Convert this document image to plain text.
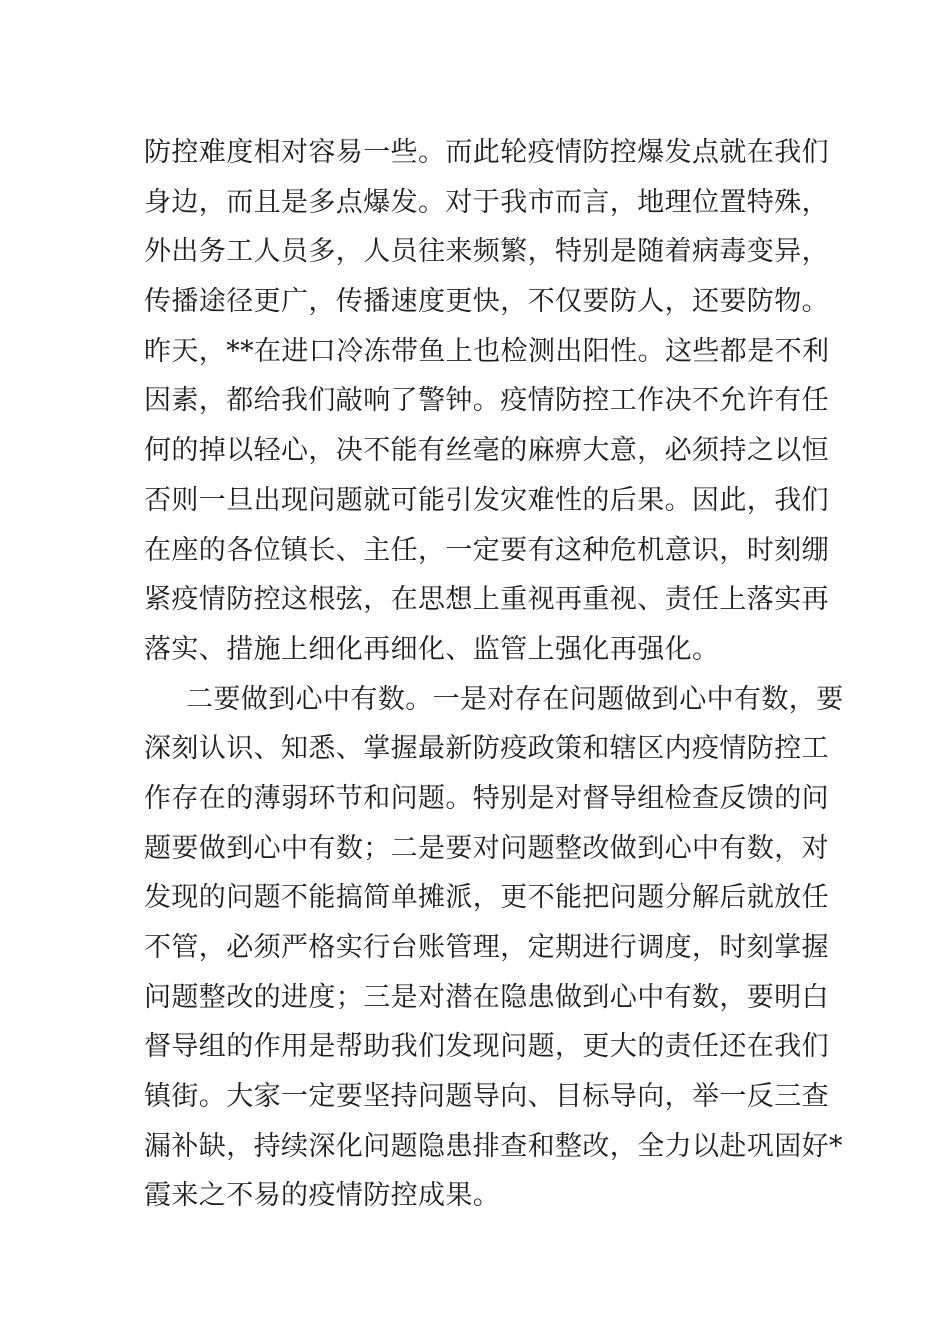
防控难度相对容易一些。而此轮疫情防控爆发点就在我们
身边，而且是多点爆发。对于我市而言，地理位置特殊，
外出务工人员多，人员往来频繁，特别是随着病毒变异，
传播途径更广，传播速度更快，不仅要防人，还要防物。
昨天，**在进口冷冻带鱼上也检测出阳性。这些都是不利
因素，都给我们敲响了警钟。疫情防控工作决不允许有任
何的掉以轻心，决不能有丝毫的麻痹大意，必须持之以恒
否则一旦出现问题就可能引发灾难性的后果。因此，我们
在座的各位镇长、主任，一定要有这种危机意识，时刻绷
紧疫情防控这根弦，在思想上重视再重视、责任上落实再
落实、措施上细化再细化、监管上强化再强化。
二要做到心中有数。一是对存在问题做到心中有数，要
深刻认识、知悉、掌握最新防疫政策和辖区内疫情防控工
作存在的薄弱环节和问题。特别是对督导组检查反馈的问
题要做到心中有数；二是要对问题整改做到心中有数，对
发现的问题不能搞简单摊派，更不能把问题分解后就放任
不管，必须严格实行台账管理，定期进行调度，时刻掌握
问题整改的进度；三是对潜在隐患做到心中有数，要明白
督导组的作用是帮助我们发现问题，更大的责任还在我们
镇街。大家一定要坚持问题导向、目标导向，举一反三查
漏补缺，持续深化问题隐患排查和整改，全力以赴巩固好*
霞来之不易的疫情防控成果。
